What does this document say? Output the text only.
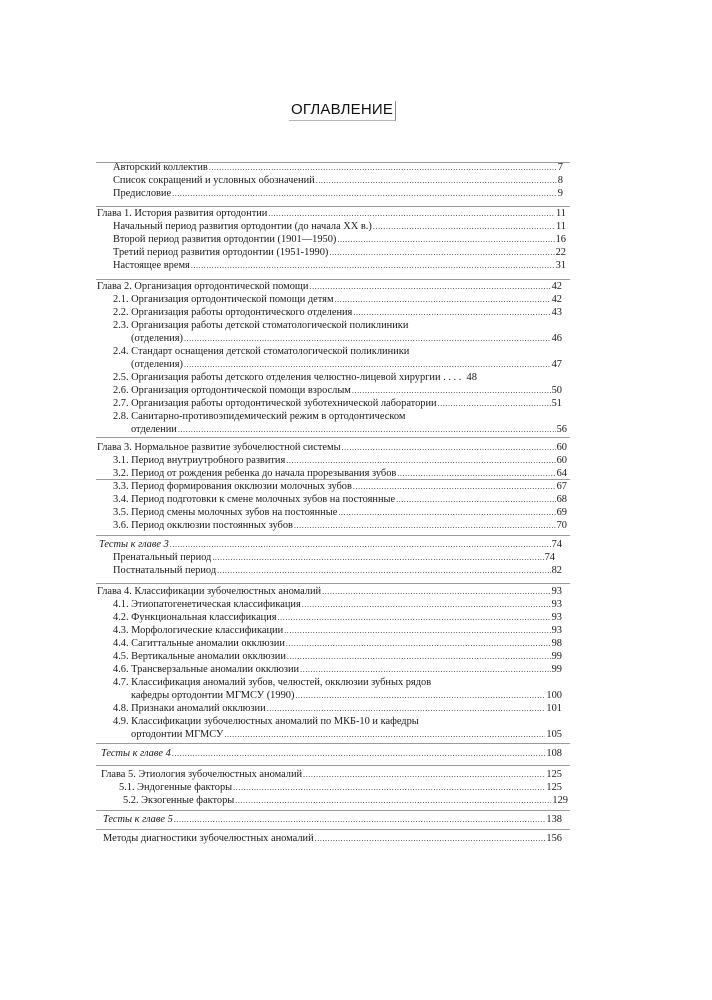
ОГЛАВЛЕНИЕ
Авторский коллектив .....	7
Список сокращений и условных обозначений .....	8
Предисловие .....	9
Глава 1. История развития ортодонтии .....	11
Начальный период развития ортодонтии (до начала XX в.) .....	11
Второй период развития ортодонтии (1901—1950) .....	16
Третий период развития ортодонтии (1951-1990) .....	22
Настоящее время .....	31
Глава 2. Организация ортодонтической помощи .....	42
2.1. Организация ортодонтической помощи детям .....	42
2.2. Организация работы ортодонтического отделения .....	43
2.3. Организация работы детской стоматологической поликлиники
(отделения) .....	46
2.4. Стандарт оснащения детской стоматологической поликлиники
(отделения) .....	47
2.5. Организация работы детского отделения челюстно-лицевой хирургии . . . . 48
2.6. Организация ортодонтической помощи взрослым .....	50
2.7. Организация работы ортодонтической зуботехнической лаборатории .....	51
2.8. Санитарно-противоэпидемический режим в ортодонтическом
отделении .....	56
Глава 3. Нормальное развитие зубочелюстной системы .....	60
3.1. Период внутриутробного развития .....	60
3.2. Период от рождения ребенка до начала прорезывания зубов .....	64
3.3. Период формирования окклюзии молочных зубов .....	67
3.4. Период подготовки к смене молочных зубов на постоянные .....	68
3.5. Период смены молочных зубов на постоянные .....	69
3.6. Период окклюзии постоянных зубов .....	70
Тесты к главе 3 .....	74
Пренатальный период .....	74
Постнатальный период .....	82
Глава 4. Классификации зубочелюстных аномалий .....	93
4.1. Этиопатогенетическая классификация .....	93
4.2. Функциональная классификация .....	93
4.3. Морфологические классификации .....	93
4.4. Сагиттальные аномалии окклюзии .....	98
4.5. Вертикальные аномалии окклюзии .....	99
4.6. Трансверзальные аномалии окклюзии .....	99
4.7. Классификация аномалий зубов, челюстей, окклюзии зубных рядов
кафедры ортодонтии МГМСУ (1990) .....	100
4.8. Признаки аномалий окклюзии .....	101
4.9. Классификации зубочелюстных аномалий по МКБ-10 и кафедры
ортодонтии МГМСУ .....	105
Тесты к главе 4 .....	108
Глава 5. Этиология зубочелюстных аномалий .....	125
5.1. Эндогенные факторы .....	125
5.2. Экзогенные факторы .....	129
Тесты к главе 5 .....	138
Методы диагностики зубочелюстных аномалий .....	156
